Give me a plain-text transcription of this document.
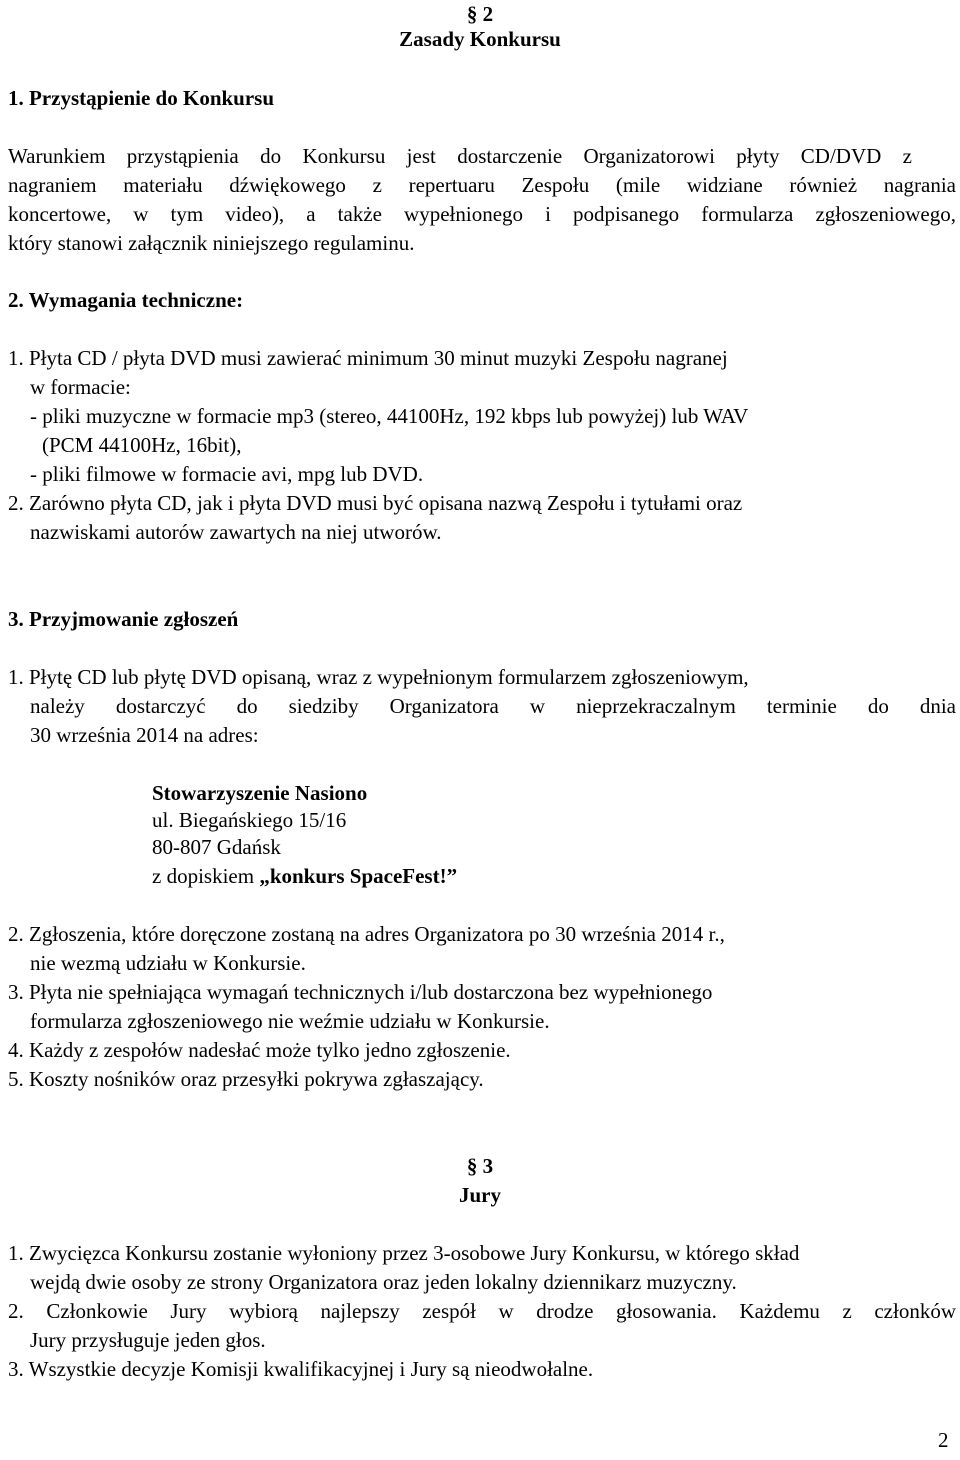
§ 2
Zasady Konkursu
1. Przystąpienie do Konkursu
Warunkiem przystąpienia do Konkursu jest dostarczenie Organizatorowi płyty CD/DVD z
nagraniem materiału dźwiękowego z repertuaru Zespołu (mile widziane również nagrania
koncertowe, w tym video), a także wypełnionego i podpisanego formularza zgłoszeniowego,
który stanowi załącznik niniejszego regulaminu.
2. Wymagania techniczne:
1. Płyta CD / płyta DVD musi zawierać minimum 30 minut muzyki Zespołu nagranej
w formacie:
- pliki muzyczne w formacie mp3 (stereo, 44100Hz, 192 kbps lub powyżej) lub WAV
(PCM 44100Hz, 16bit),
- pliki filmowe w formacie avi, mpg lub DVD.
2. Zarówno płyta CD, jak i płyta DVD musi być opisana nazwą Zespołu i tytułami oraz
nazwiskami autorów zawartych na niej utworów.
3. Przyjmowanie zgłoszeń
1. Płytę CD lub płytę DVD opisaną, wraz z wypełnionym formularzem zgłoszeniowym,
należy dostarczyć do siedziby Organizatora w nieprzekraczalnym terminie do dnia
30 września 2014 na adres:
Stowarzyszenie Nasiono
ul. Biegańskiego 15/16
80-807 Gdańsk
z dopiskiem „konkurs SpaceFest!”
2. Zgłoszenia, które doręczone zostaną na adres Organizatora po 30 września 2014 r.,
nie wezmą udziału w Konkursie.
3. Płyta nie spełniająca wymagań technicznych i/lub dostarczona bez wypełnionego
formularza zgłoszeniowego nie weźmie udziału w Konkursie.
4. Każdy z zespołów nadesłać może tylko jedno zgłoszenie.
5. Koszty nośników oraz przesyłki pokrywa zgłaszający.
§ 3
Jury
1. Zwycięzca Konkursu zostanie wyłoniony przez 3-osobowe Jury Konkursu, w którego skład
wejdą dwie osoby ze strony Organizatora oraz jeden lokalny dziennikarz muzyczny.
2. Członkowie Jury wybiorą najlepszy zespół w drodze głosowania. Każdemu z członków
Jury przysługuje jeden głos.
3. Wszystkie decyzje Komisji kwalifikacyjnej i Jury są nieodwołalne.
2
